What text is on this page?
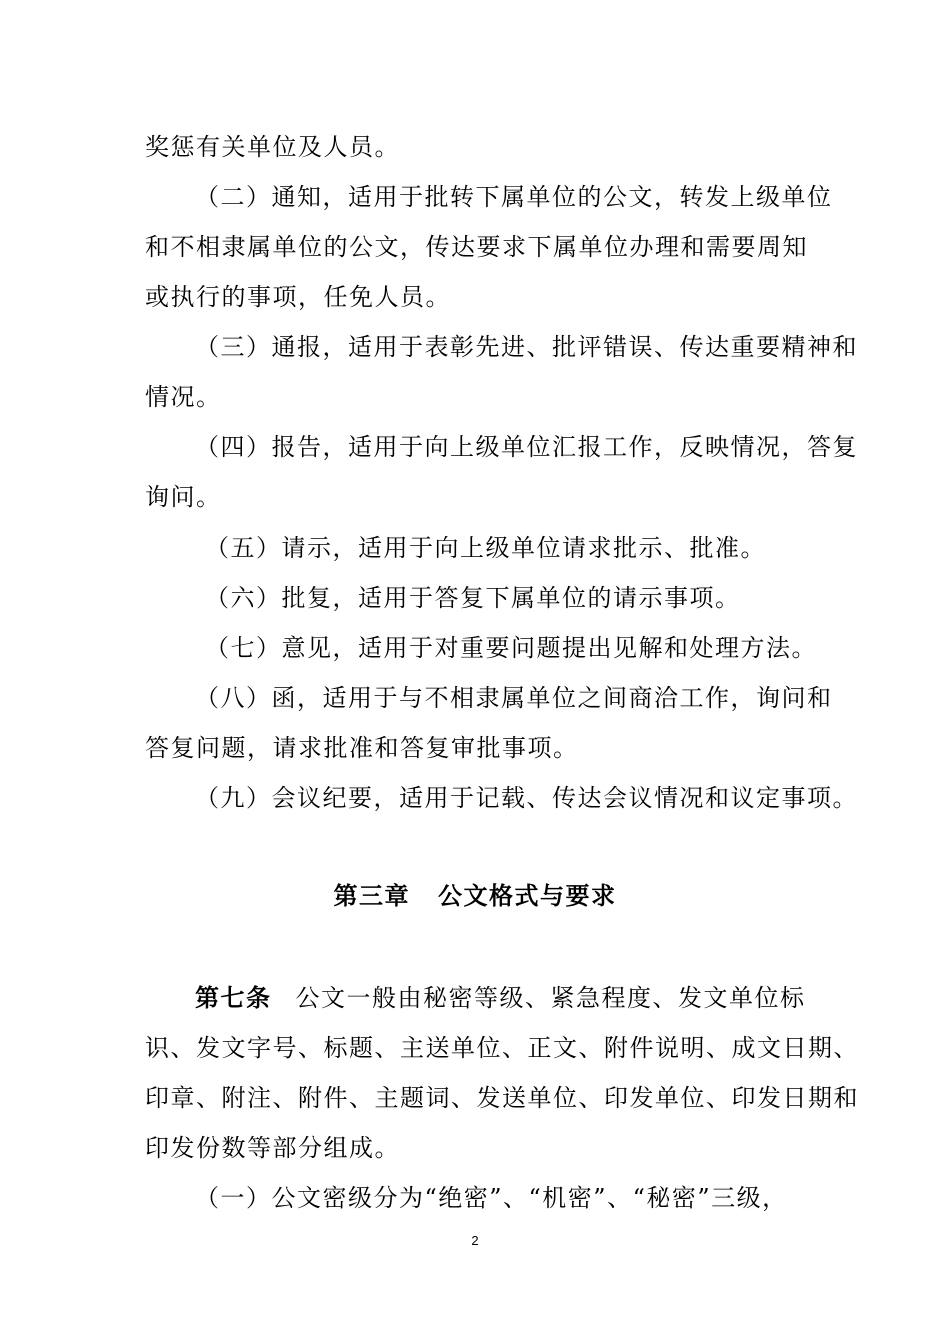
奖惩有关单位及人员。
（二）通知，适用于批转下属单位的公文，转发上级单位
和不相隶属单位的公文，传达要求下属单位办理和需要周知
或执行的事项，任免人员。
（三）通报，适用于表彰先进、批评错误、传达重要精神和
情况。
（四）报告，适用于向上级单位汇报工作，反映情况，答复
询问。
（五）请示，适用于向上级单位请求批示、批准。
（六）批复，适用于答复下属单位的请示事项。
（七）意见，适用于对重要问题提出见解和处理方法。
（八）函，适用于与不相隶属单位之间商洽工作，询问和
答复问题，请求批准和答复审批事项。
（九）会议纪要，适用于记载、传达会议情况和议定事项。
第三章 公文格式与要求
第七条 公文一般由秘密等级、紧急程度、发文单位标
识、发文字号、标题、主送单位、正文、附件说明、成文日期、
印章、附注、附件、主题词、发送单位、印发单位、印发日期和
印发份数等部分组成。
（一）公文密级分为“绝密”、“机密”、“秘密”三级，
2
